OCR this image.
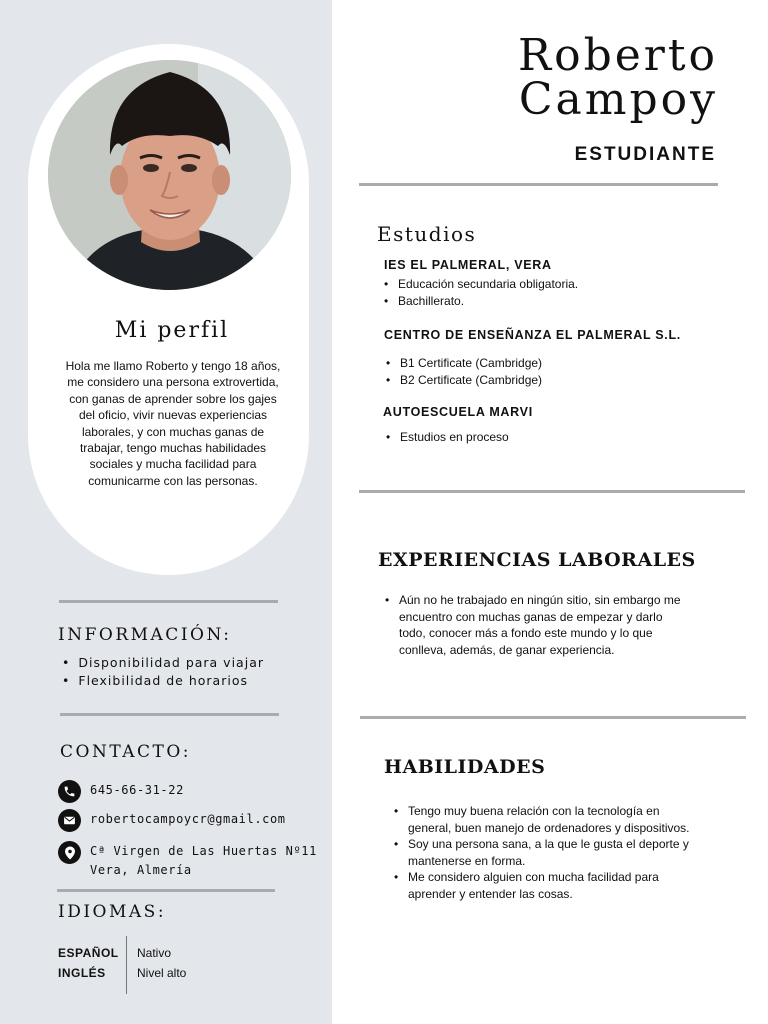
Mi perfil
Hola me llamo Roberto y tengo 18 años, me considero una persona extrovertida, con ganas de aprender sobre los gajes del oficio, vivir nuevas experiencias laborales, y con muchas ganas de trabajar, tengo muchas habilidades sociales y mucha facilidad para comunicarme con las personas.
INFORMACIÓN:
• Disponibilidad para viajar
• Flexibilidad de horarios
CONTACTO:
645-66-31-22
robertocampoycr@gmail.com
Cª Virgen de Las Huertas Nº11
Vera, Almería
IDIOMAS:
ESPAÑOL
INGLÉS
Nativo
Nivel alto
Roberto
Campoy
ESTUDIANTE
Estudios
IES EL PALMERAL, VERA
• Educación secundaria obligatoria.
• Bachillerato.
CENTRO DE ENSEÑANZA EL PALMERAL S.L.
• B1 Certificate (Cambridge)
• B2 Certificate (Cambridge)
AUTOESCUELA MARVI
• Estudios en proceso
EXPERIENCIAS LABORALES
• Aún no he trabajado en ningún sitio, sin embargo me encuentro con muchas ganas de empezar y darlo todo, conocer más a fondo este mundo y lo que conlleva, además, de ganar experiencia.
HABILIDADES
• Tengo muy buena relación con la tecnología en general, buen manejo de ordenadores y dispositivos.
• Soy una persona sana, a la que le gusta el deporte y mantenerse en forma.
• Me considero alguien con mucha facilidad para aprender y entender las cosas.
